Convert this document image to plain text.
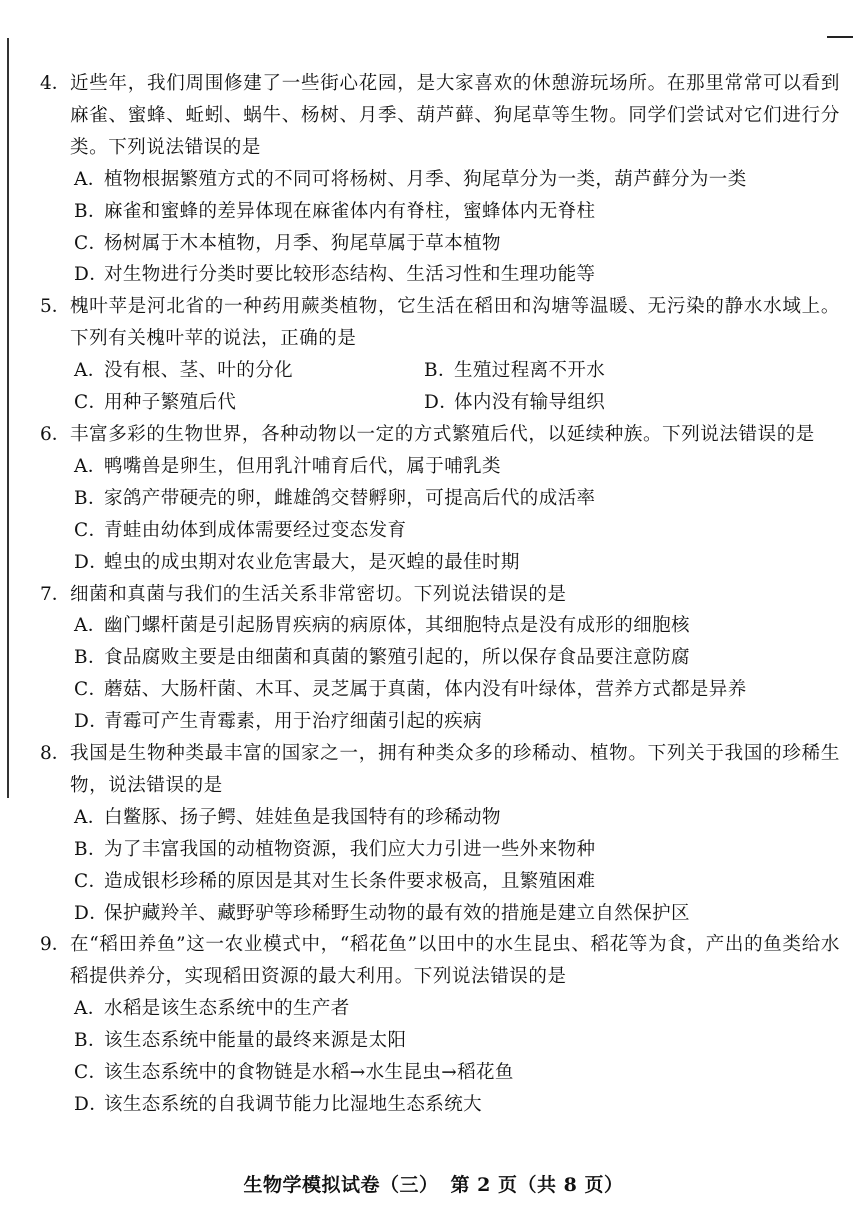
4． 近些年，我们周围修建了一些街心花园，是大家喜欢的休憩游玩场所。在那里常常可以看到麻雀、蜜蜂、蚯蚓、蜗牛、杨树、月季、葫芦藓、狗尾草等生物。同学们尝试对它们进行分类。下列说法错误的是
A．
植物根据繁殖方式的不同可将杨树、月季、狗尾草分为一类，葫芦藓分为一类
B．
麻雀和蜜蜂的差异体现在麻雀体内有脊柱，蜜蜂体内无脊柱
C．
杨树属于木本植物，月季、狗尾草属于草本植物
D．
对生物进行分类时要比较形态结构、生活习性和生理功能等
5． 槐叶苹是河北省的一种药用蕨类植物，它生活在稻田和沟塘等温暖、无污染的静水水域上。下列有关槐叶苹的说法，正确的是
A．
没有根、茎、叶的分化	B．
生殖过程离不开水
C．
用种子繁殖后代	D．
体内没有输导组织
6． 丰富多彩的生物世界，各种动物以一定的方式繁殖后代，以延续种族。下列说法错误的是
A．
鸭嘴兽是卵生，但用乳汁哺育后代，属于哺乳类
B．
家鸽产带硬壳的卵，雌雄鸽交替孵卵，可提高后代的成活率
C．
青蛙由幼体到成体需要经过变态发育
D．
蝗虫的成虫期对农业危害最大，是灭蝗的最佳时期
7． 细菌和真菌与我们的生活关系非常密切。下列说法错误的是
A．
幽门螺杆菌是引起肠胃疾病的病原体，其细胞特点是没有成形的细胞核
B．
食品腐败主要是由细菌和真菌的繁殖引起的，所以保存食品要注意防腐
C．
蘑菇、大肠杆菌、木耳、灵芝属于真菌，体内没有叶绿体，营养方式都是异养
D．
青霉可产生青霉素，用于治疗细菌引起的疾病
8． 我国是生物种类最丰富的国家之一，拥有种类众多的珍稀动、植物。下列关于我国的珍稀生物，说法错误的是
A．
白鳖豚、扬子鳄、娃娃鱼是我国特有的珍稀动物
B．
为了丰富我国的动植物资源，我们应大力引进一些外来物种
C．
造成银杉珍稀的原因是其对生长条件要求极高，且繁殖困难
D．
保护藏羚羊、藏野驴等珍稀野生动物的最有效的措施是建立自然保护区
9． 在“稻田养鱼”这一农业模式中，“稻花鱼”以田中的水生昆虫、稻花等为食，产出的鱼类给水稻提供养分，实现稻田资源的最大利用。下列说法错误的是
A．
水稻是该生态系统中的生产者
B．
该生态系统中能量的最终来源是太阳
C．
该生态系统中的食物链是水稻→水生昆虫→稻花鱼
D．
该生态系统的自我调节能力比湿地生态系统大
生物学模拟试卷（三） 第 2 页（共 8 页）
